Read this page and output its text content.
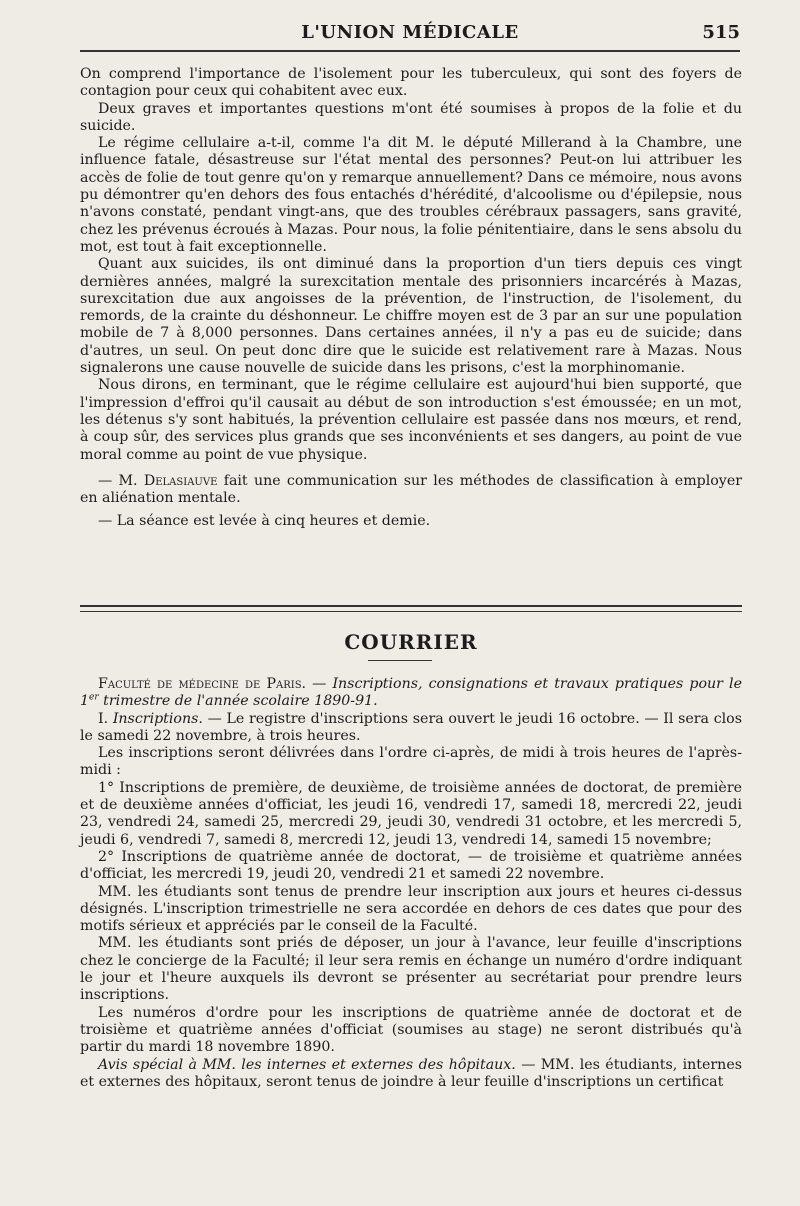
L'UNION MÉDICALE	515

On comprend l'importance de l'isolement pour les tuberculeux, qui sont des foyers de contagion pour ceux qui cohabitent avec eux.

Deux graves et importantes questions m'ont été soumises à propos de la folie et du suicide.

Le régime cellulaire a-t-il, comme l'a dit M. le député Millerand à la Chambre, une influence fatale, désastreuse sur l'état mental des personnes? Peut-on lui attribuer les accès de folie de tout genre qu'on y remarque annuellement? Dans ce mémoire, nous avons pu démontrer qu'en dehors des fous entachés d'hérédité, d'alcoolisme ou d'épilepsie, nous n'avons constaté, pendant vingt-ans, que des troubles cérébraux passagers, sans gravité, chez les prévenus écroués à Mazas. Pour nous, la folie pénitentiaire, dans le sens absolu du mot, est tout à fait exceptionnelle.

Quant aux suicides, ils ont diminué dans la proportion d'un tiers depuis ces vingt dernières années, malgré la surexcitation mentale des prisonniers incarcérés à Mazas, surexcitation due aux angoisses de la prévention, de l'instruction, de l'isolement, du remords, de la crainte du déshonneur. Le chiffre moyen est de 3 par an sur une population mobile de 7 à 8,000 personnes. Dans certaines années, il n'y a pas eu de suicide; dans d'autres, un seul. On peut donc dire que le suicide est relativement rare à Mazas. Nous signalerons une cause nouvelle de suicide dans les prisons, c'est la morphinomanie.

Nous dirons, en terminant, que le régime cellulaire est aujourd'hui bien supporté, que l'impression d'effroi qu'il causait au début de son introduction s'est émoussée; en un mot, les détenus s'y sont habitués, la prévention cellulaire est passée dans nos mœurs, et rend, à coup sûr, des services plus grands que ses inconvénients et ses dangers, au point de vue moral comme au point de vue physique.

— M. Delasiauve fait une communication sur les méthodes de classification à employer en aliénation mentale.

— La séance est levée à cinq heures et demie.

COURRIER

Faculté de médecine de Paris. — Inscriptions, consignations et travaux pratiques pour le 1er trimestre de l'année scolaire 1890-91.

I. Inscriptions. — Le registre d'inscriptions sera ouvert le jeudi 16 octobre. — Il sera clos le samedi 22 novembre, à trois heures.

Les inscriptions seront délivrées dans l'ordre ci-après, de midi à trois heures de l'après-midi :

1° Inscriptions de première, de deuxième, de troisième années de doctorat, de première et de deuxième années d'officiat, les jeudi 16, vendredi 17, samedi 18, mercredi 22, jeudi 23, vendredi 24, samedi 25, mercredi 29, jeudi 30, vendredi 31 octobre, et les mercredi 5, jeudi 6, vendredi 7, samedi 8, mercredi 12, jeudi 13, vendredi 14, samedi 15 novembre;

2° Inscriptions de quatrième année de doctorat, — de troisième et quatrième années d'officiat, les mercredi 19, jeudi 20, vendredi 21 et samedi 22 novembre.

MM. les étudiants sont tenus de prendre leur inscription aux jours et heures ci-dessus désignés. L'inscription trimestrielle ne sera accordée en dehors de ces dates que pour des motifs sérieux et appréciés par le conseil de la Faculté.

MM. les étudiants sont priés de déposer, un jour à l'avance, leur feuille d'inscriptions chez le concierge de la Faculté; il leur sera remis en échange un numéro d'ordre indiquant le jour et l'heure auxquels ils devront se présenter au secrétariat pour prendre leurs inscriptions.

Les numéros d'ordre pour les inscriptions de quatrième année de doctorat et de troisième et quatrième années d'officiat (soumises au stage) ne seront distribués qu'à partir du mardi 18 novembre 1890.

Avis spécial à MM. les internes et externes des hôpitaux. — MM. les étudiants, internes et externes des hôpitaux, seront tenus de joindre à leur feuille d'inscriptions un certificat
